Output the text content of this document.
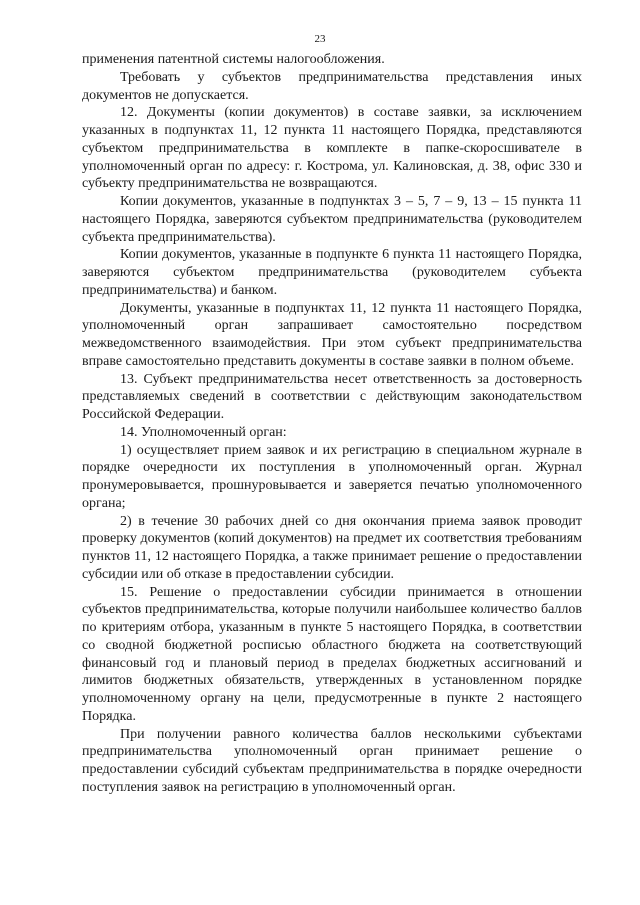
23

применения патентной системы налогообложения.

Требовать у субъектов предпринимательства представления иных документов не допускается.

12. Документы (копии документов) в составе заявки, за исключением указанных в подпунктах 11, 12 пункта 11 настоящего Порядка, представляются субъектом предпринимательства в комплекте в папке-скоросшивателе в уполномоченный орган по адресу: г. Кострома, ул. Калиновская, д. 38, офис 330 и субъекту предпринимательства не возвращаются.

Копии документов, указанные в подпунктах 3 – 5, 7 – 9, 13 – 15 пункта 11 настоящего Порядка, заверяются субъектом предпринимательства (руководителем субъекта предпринимательства).

Копии документов, указанные в подпункте 6 пункта 11 настоящего Порядка, заверяются субъектом предпринимательства (руководителем субъекта предпринимательства) и банком.

Документы, указанные в подпунктах 11, 12 пункта 11 настоящего Порядка, уполномоченный орган запрашивает самостоятельно посредством межведомственного взаимодействия. При этом субъект предпринимательства вправе самостоятельно представить документы в составе заявки в полном объеме.

13. Субъект предпринимательства несет ответственность за достоверность представляемых сведений в соответствии с действующим законодательством Российской Федерации.

14. Уполномоченный орган:

1) осуществляет прием заявок и их регистрацию в специальном журнале в порядке очередности их поступления в уполномоченный орган. Журнал пронумеровывается, прошнуровывается и заверяется печатью уполномоченного органа;

2) в течение 30 рабочих дней со дня окончания приема заявок проводит проверку документов (копий документов) на предмет их соответствия требованиям пунктов 11, 12 настоящего Порядка, а также принимает решение о предоставлении субсидии или об отказе в предоставлении субсидии.

15. Решение о предоставлении субсидии принимается в отношении субъектов предпринимательства, которые получили наибольшее количество баллов по критериям отбора, указанным в пункте 5 настоящего Порядка, в соответствии со сводной бюджетной росписью областного бюджета на соответствующий финансовый год и плановый период в пределах бюджетных ассигнований и лимитов бюджетных обязательств, утвержденных в установленном порядке уполномоченному органу на цели, предусмотренные в пункте 2 настоящего Порядка.

При получении равного количества баллов несколькими субъектами предпринимательства уполномоченный орган принимает решение о предоставлении субсидий субъектам предпринимательства в порядке очередности поступления заявок на регистрацию в уполномоченный орган.
